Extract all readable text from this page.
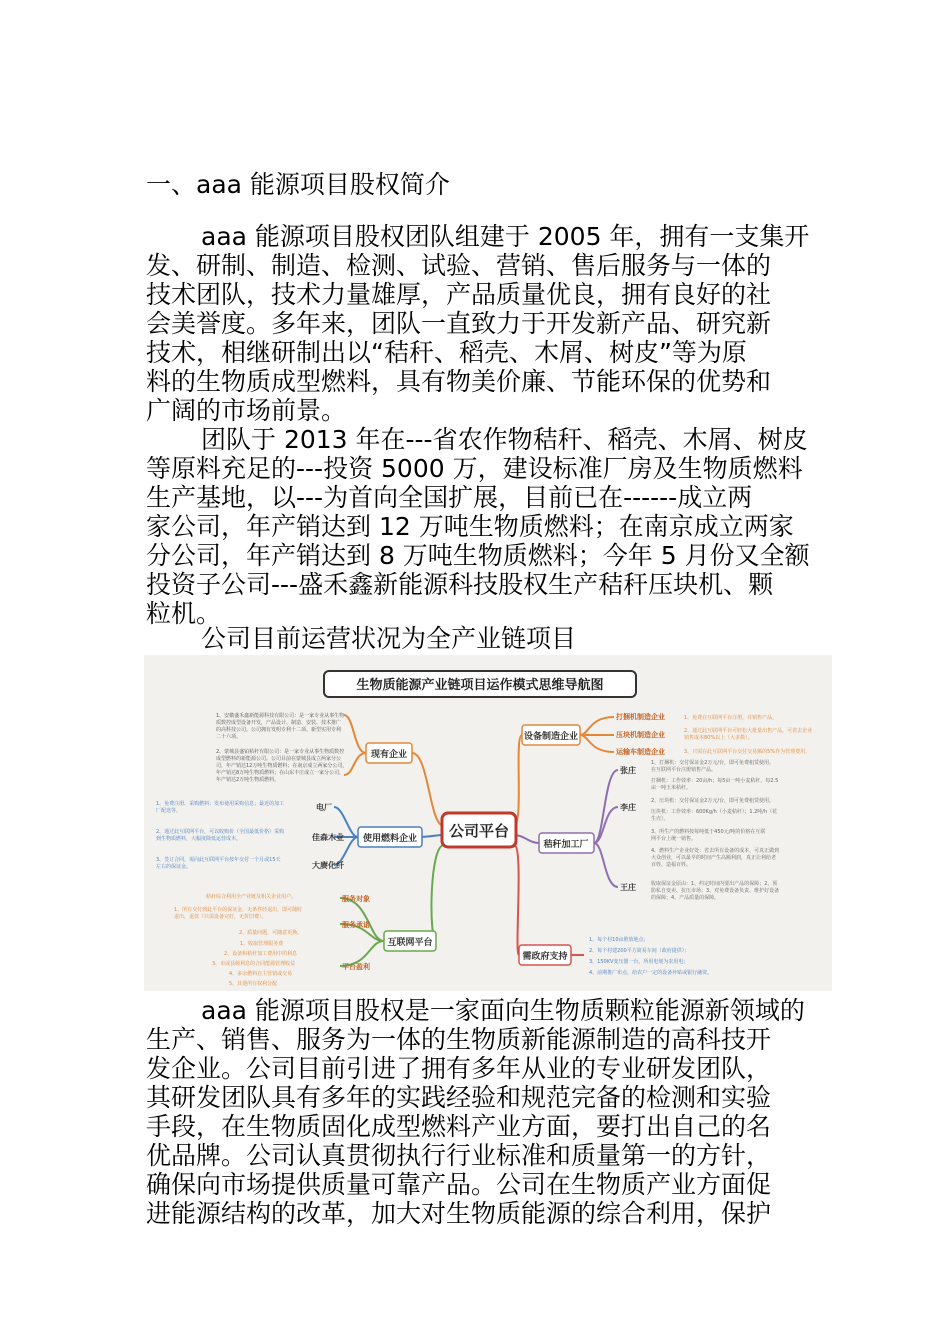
一、aaa 能源项目股权简介

aaa 能源项目股权团队组建于 2005 年，拥有一支集开
发、研制、制造、检测、试验、营销、售后服务与一体的
技术团队，技术力量雄厚，产品质量优良，拥有良好的社
会美誉度。多年来，团队一直致力于开发新产品、研究新
技术，相继研制出以“秸秆、稻壳、木屑、树皮”等为原
料的生物质成型燃料，具有物美价廉、节能环保的优势和
广阔的市场前景。

团队于 2013 年在---省农作物秸秆、稻壳、木屑、树皮
等原料充足的---投资 5000 万，建设标准厂房及生物质燃料
生产基地，以---为首向全国扩展，目前已在------成立两
家公司，年产销达到 12 万吨生物质燃料；在南京成立两家
分公司，年产销达到 8 万吨生物质燃料；今年 5 月份又全额
投资子公司---盛禾鑫新能源科技股权生产秸秆压块机、颗
粒机。

公司目前运营状况为全产业链项目
生物质能源产业链项目运作模式思维导航图
公司平台
现有企业
使用燃料企业
互联网平台
设备制造企业
秸秆加工厂
需政府支持
1、安徽盛禾鑫新能源科技有限公司：是一家专业从事生物
质数控成型设备开发，产品设计、制造、安装、技术推广
的高科技公司。公司拥有发明专利十二项、新型实用专利
二十六项。
2、蒙城县盛铂秸秆有限公司：是一家专业从事生物质数控
成型燃料的新能源公司。公司目前在蒙城县成立两家分公
司，年产销达12万吨生物质燃料；在南京成立两家分公司，
年产销达8万吨生物质燃料；在山东丰庄成立一家分公司，
年产销达2万吨生物质燃料。
电厂
佳森木业
大赓化纤
1、免费注册、采购燃料；发布使用采购信息；最近的加工
厂配送等。
2、通过此互联网平台，可以收购价（全国最低价格）采购
到生物质燃料，大幅度降低运营成本。
3、签订合同，需向此互联网平台按年交付一个月或15天
左右的保证金。
服务对象
服务承诺
平台盈利
秸秆综合利用全产业链及相关企业用户。
1、所有交付到此平台的保证金，无条件经退出，即可随时
退出，退款（只需设备完好，无折旧费）。
2、质量问题，可随意更换。
1、收取管理服务费
2、设备和秸秆加工费用中的利息
3、市或县级利息的合同能源管理收益
4、多余燃料自主营销或交易
5、其他所有权利分配
打捆机制造企业
压块机制造企业
运输车制造企业
1、免费在互联网平台注册，并销售产品。
2、通过此互联网平台可轻松大批量出售产品，可省去企业
销售成本80%以上（大多数）。
3、只需在此互联网平台交付交易额的5%作为管理费用。
张庄
李庄
王庄
1、打捆机：交付保证金2万元/台，即可免费租赁使用。
在互联网平台注册销售产品。
打捆机：工作效率：20亩/h；每5亩一吨小麦秸秆，每2.5
亩一吨玉米秸秆。
2、压块机：交付保证金2万元/台，即可免费租赁使用。
压块机：工作效率：600Kg/h（小麦秸秆）；1.2吨/h（花
生壳）。
3、所生产的燃料按每吨低于450元/吨的价格在互联
网平台上统一销售。
4、燃料生产企业好处：省去所有设备的成本，可真正做到
大众创业，可以最早的时间产生高额利润，真正让利给老
百姓、造福百姓。
收取保证金原由：1、约定时间内要出产品的保障；2、预
防私自变卖、抗压市场；3、对免费设备负责、维护好设备
的保障；4、产品质量的保障。
1、每个村10亩堆放地点；
2、每个村建200平方简易车间（政府提供）；
3、150KV变压器一台，所用电划为农用电；
4、前期推广布点，给农户一定的设备补贴或银行融资。

aaa 能源项目股权是一家面向生物质颗粒能源新领域的
生产、销售、服务为一体的生物质新能源制造的高科技开
发企业。公司目前引进了拥有多年从业的专业研发团队，
其研发团队具有多年的实践经验和规范完备的检测和实验
手段，在生物质固化成型燃料产业方面，要打出自己的名
优品牌。公司认真贯彻执行行业标准和质量第一的方针，
确保向市场提供质量可靠产品。公司在生物质产业方面促
进能源结构的改革，加大对生物质能源的综合利用，保护
